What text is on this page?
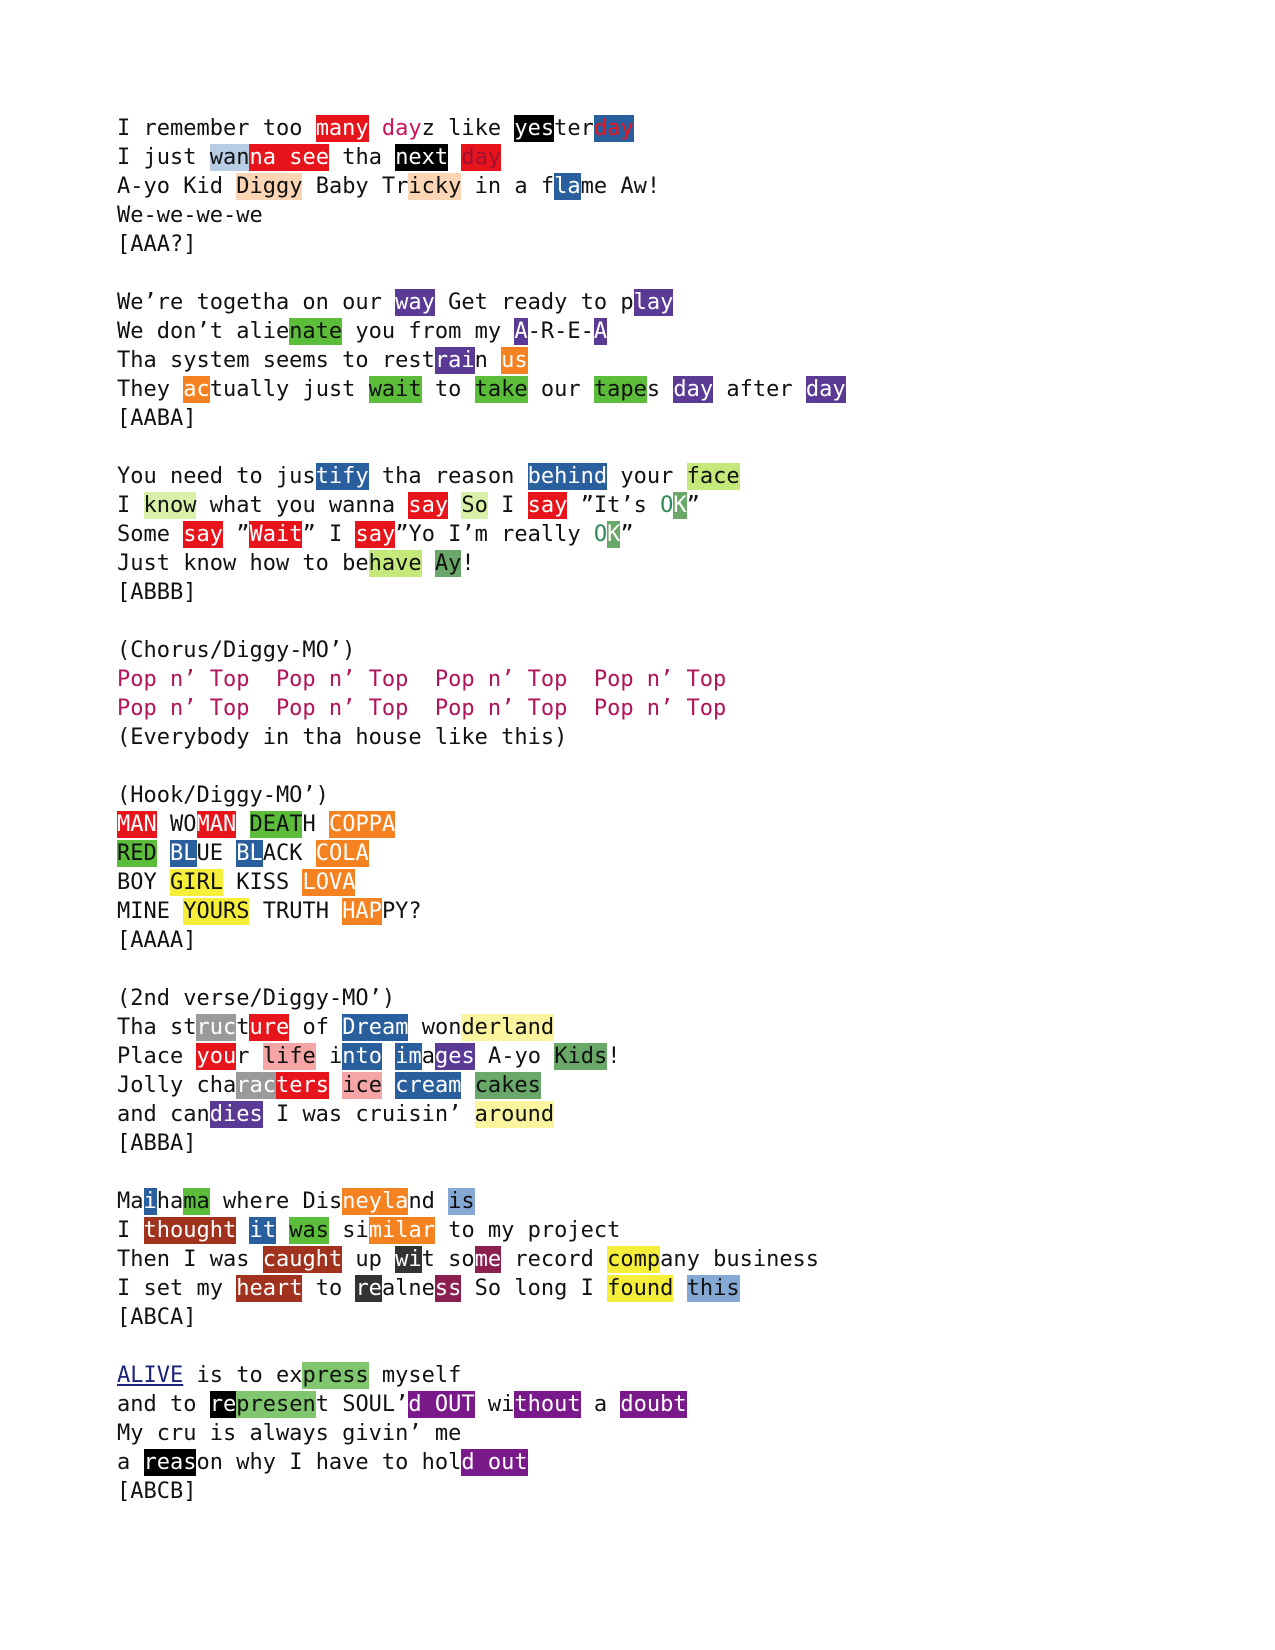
I remember too many dayz like yesterday
I just wanna see tha next day
A-yo Kid Diggy Baby Tricky in a flame Aw!
We-we-we-we
[AAA?]
We’re togetha on our way Get ready to play
We don’t alienate you from my A-R-E-A
Tha system seems to restrain us
They actually just wait to take our tapes day after day
[AABA]
You need to justify tha reason behind your face
I know what you wanna say So I say ”It’s OK”
Some say ”Wait” I say”Yo I’m really OK”
Just know how to behave Ay!
[ABBB]
(Chorus/Diggy-MO’)
Pop n’ Top  Pop n’ Top  Pop n’ Top  Pop n’ Top
Pop n’ Top  Pop n’ Top  Pop n’ Top  Pop n’ Top
(Everybody in tha house like this)
(Hook/Diggy-MO’)
MAN WOMAN DEATH COPPA
RED BLUE BLACK COLA
BOY GIRL KISS LOVA
MINE YOURS TRUTH HAPPY?
[AAAA]
(2nd verse/Diggy-MO’)
Tha structure of Dream wonderland
Place your life into images A-yo Kids!
Jolly characters ice cream cakes
and candies I was cruisin’ around
[ABBA]
Maihama where Disneyland is
I thought it was similar to my project
Then I was caught up wit some record company business
I set my heart to realness So long I found this
[ABCA]
ALIVE is to express myself
and to represent SOUL’d OUT without a doubt
My cru is always givin’ me
a reason why I have to hold out
[ABCB]
